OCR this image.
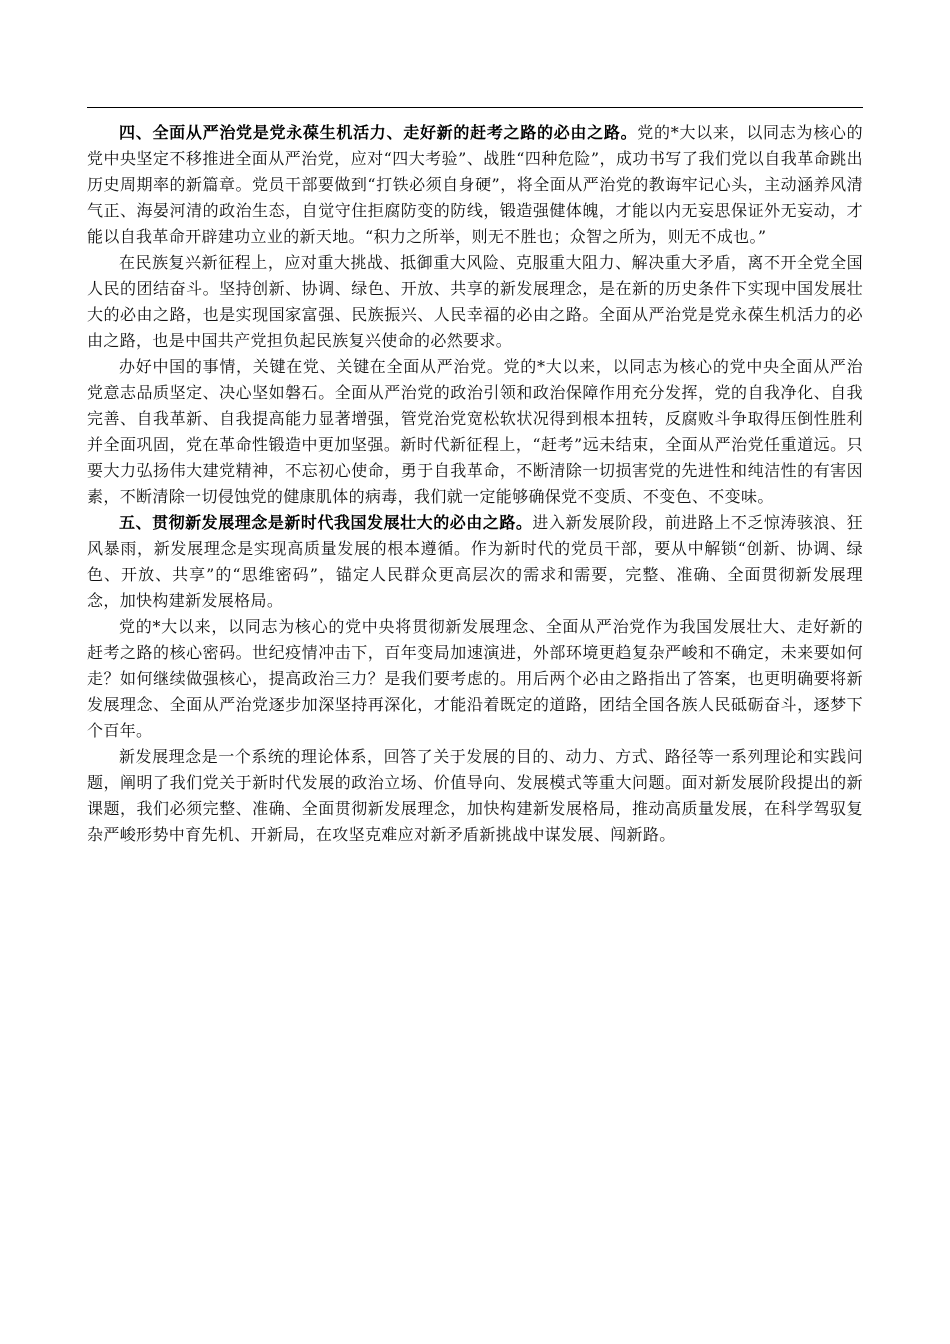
四、全面从严治党是党永葆生机活力、走好新的赶考之路的必由之路。党的*大以来，以同志为核心的党中央坚定不移推进全面从严治党，应对“四大考验”、战胜“四种危险”，成功书写了我们党以自我革命跳出历史周期率的新篇章。党员干部要做到“打铁必须自身硬”，将全面从严治党的教诲牢记心头，主动涵养风清气正、海晏河清的政治生态，自觉守住拒腐防变的防线，锻造强健体魄，才能以内无妄思保证外无妄动，才能以自我革命开辟建功立业的新天地。“积力之所举，则无不胜也；众智之所为，则无不成也。”

在民族复兴新征程上，应对重大挑战、抵御重大风险、克服重大阻力、解决重大矛盾，离不开全党全国人民的团结奋斗。坚持创新、协调、绿色、开放、共享的新发展理念，是在新的历史条件下实现中国发展壮大的必由之路，也是实现国家富强、民族振兴、人民幸福的必由之路。全面从严治党是党永葆生机活力的必由之路，也是中国共产党担负起民族复兴使命的必然要求。

办好中国的事情，关键在党、关键在全面从严治党。党的*大以来，以同志为核心的党中央全面从严治党意志品质坚定、决心坚如磐石。全面从严治党的政治引领和政治保障作用充分发挥，党的自我净化、自我完善、自我革新、自我提高能力显著增强，管党治党宽松软状况得到根本扭转，反腐败斗争取得压倒性胜利并全面巩固，党在革命性锻造中更加坚强。新时代新征程上，“赶考”远未结束，全面从严治党任重道远。只要大力弘扬伟大建党精神，不忘初心使命，勇于自我革命，不断清除一切损害党的先进性和纯洁性的有害因素，不断清除一切侵蚀党的健康肌体的病毒，我们就一定能够确保党不变质、不变色、不变味。

五、贯彻新发展理念是新时代我国发展壮大的必由之路。进入新发展阶段，前进路上不乏惊涛骇浪、狂风暴雨，新发展理念是实现高质量发展的根本遵循。作为新时代的党员干部，要从中解锁“创新、协调、绿色、开放、共享”的“思维密码”，锚定人民群众更高层次的需求和需要，完整、准确、全面贯彻新发展理念，加快构建新发展格局。

党的*大以来，以同志为核心的党中央将贯彻新发展理念、全面从严治党作为我国发展壮大、走好新的赶考之路的核心密码。世纪疫情冲击下，百年变局加速演进，外部环境更趋复杂严峻和不确定，未来要如何走？如何继续做强核心，提高政治三力？是我们要考虑的。用后两个必由之路指出了答案，也更明确要将新发展理念、全面从严治党逐步加深坚持再深化，才能沿着既定的道路，团结全国各族人民砥砺奋斗，逐梦下个百年。

新发展理念是一个系统的理论体系，回答了关于发展的目的、动力、方式、路径等一系列理论和实践问题，阐明了我们党关于新时代发展的政治立场、价值导向、发展模式等重大问题。面对新发展阶段提出的新课题，我们必须完整、准确、全面贯彻新发展理念，加快构建新发展格局，推动高质量发展，在科学驾驭复杂严峻形势中育先机、开新局，在攻坚克难应对新矛盾新挑战中谋发展、闯新路。
